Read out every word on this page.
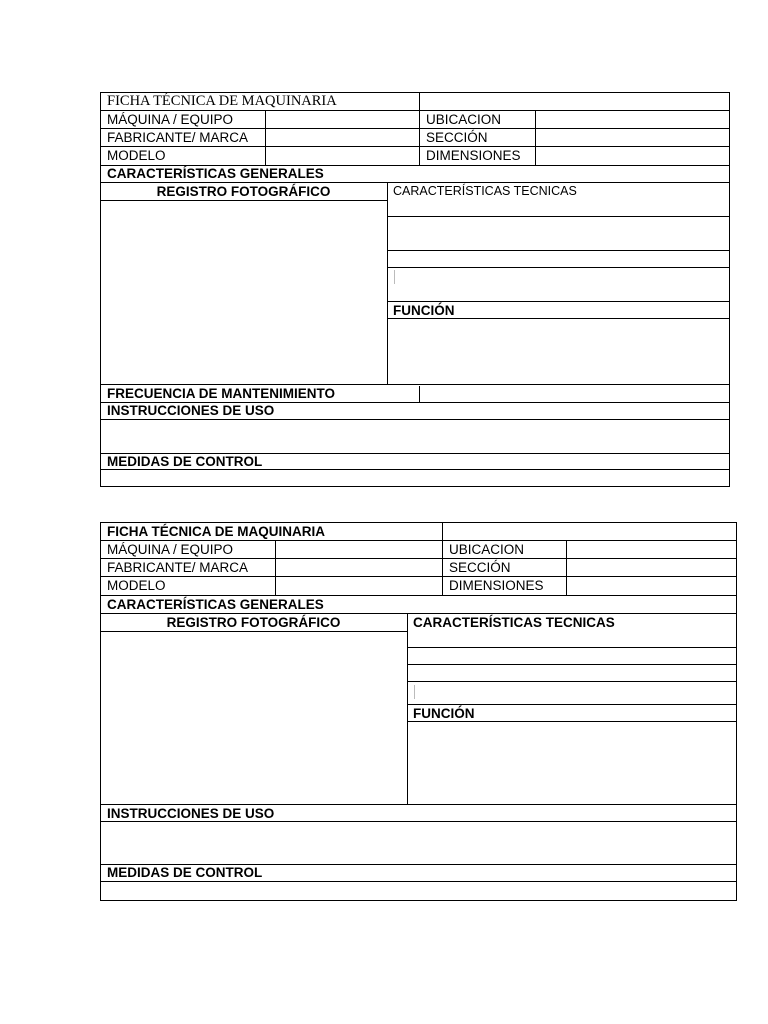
FICHA TÉCNICA DE MAQUINARIA
MÁQUINA / EQUIPO	UBICACION
FABRICANTE/ MARCA	SECCIÓN
MODELO	DIMENSIONES
CARACTERÍSTICAS GENERALES
REGISTRO FOTOGRÁFICO	CARACTERÍSTICAS TECNICAS
FUNCIÓN
FRECUENCIA DE MANTENIMIENTO
INSTRUCCIONES DE USO
MEDIDAS DE CONTROL
FICHA TÉCNICA DE MAQUINARIA
MÁQUINA / EQUIPO	UBICACION
FABRICANTE/ MARCA	SECCIÓN
MODELO	DIMENSIONES
CARACTERÍSTICAS GENERALES
REGISTRO FOTOGRÁFICO	CARACTERÍSTICAS TECNICAS
FUNCIÓN
INSTRUCCIONES DE USO
MEDIDAS DE CONTROL
